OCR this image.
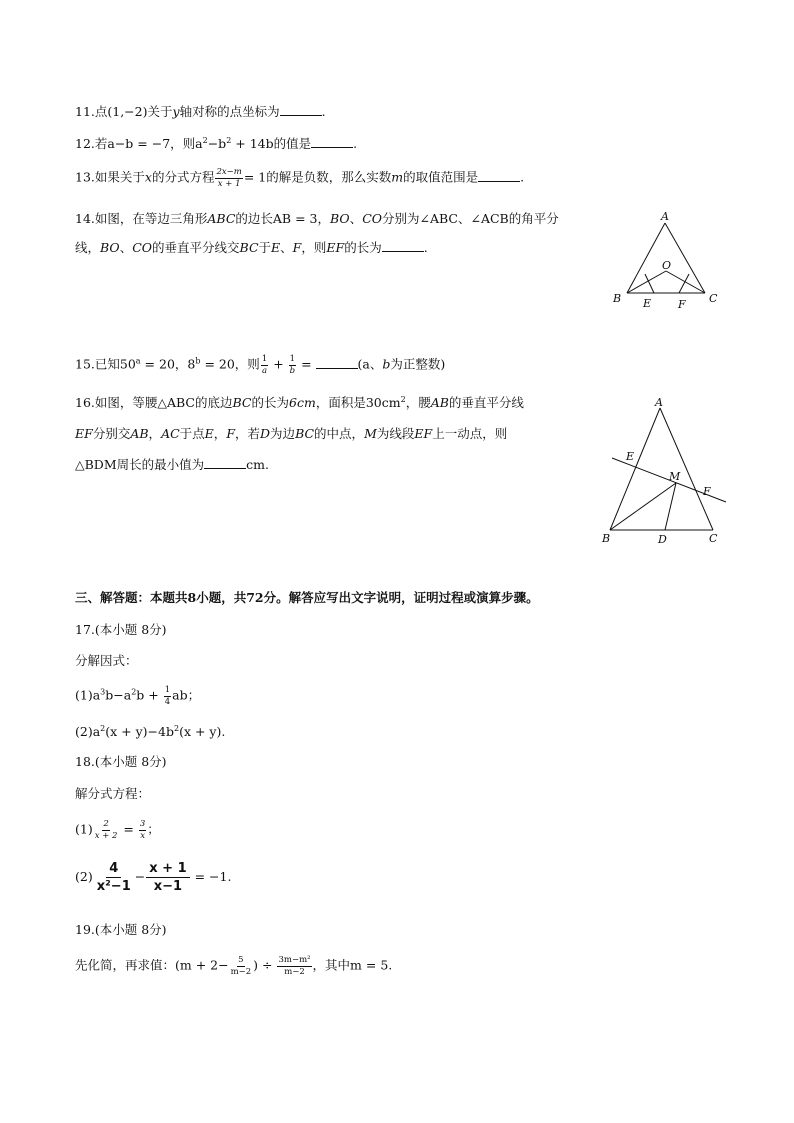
11.点(1,−2)关于y轴对称的点坐标为	.
12.若a−b = −7，则$a^2-b^2 + 14b$的值是	.
13.如果关于x的分式方程 $\frac{2x-m}{x + 1} = 1$的解是负数，那么实数m的取值范围是	.
14.如图，在等边三角形ABC的边长AB = 3，BO、CO分别为∠ABC、∠ACB的角平分
线，BO、CO的垂直平分线交BC于E、F，则EF的长为	.
A
O
B E F C
15.已知$50^a = 20$，$8^b = 20$，则 $\frac{1}{a} + \frac{1}{b}$ =	(a、b为正整数)
16.如图，等腰△ABC的底边BC的长为6cm，面积是$30cm^2$，腰AB的垂直平分线
EF分别交AB，AC于点E，F，若D为边BC的中点，M为线段EF上一动点，则
△BDM周长的最小值为	cm.
A
E
M
F
B	D	C
三、解答题：本题共8小题，共72分。解答应写出文字说明，证明过程或演算步骤。
17.(本小题 8分)
分解因式：
$(1)a^3b-a^2b + \frac{1}{4}$ ab；
$(2)a^2(x + y)-4b^2(x + y)$.
18.(本小题 8分)
解分式方程：
$(1) \frac{2}{x + 2} = \frac{3}{x}$ ；
$(2) \frac{4}{\text{x²−1}} - \frac{x + 1}{x-1} = -1$.
19.(本小题 8分)
先化简，再求值：($m + 2- \frac{5}{m-2}$ ) ÷ $\frac{\text{3m−m²}}{m-2}$ ，其中m = 5.
